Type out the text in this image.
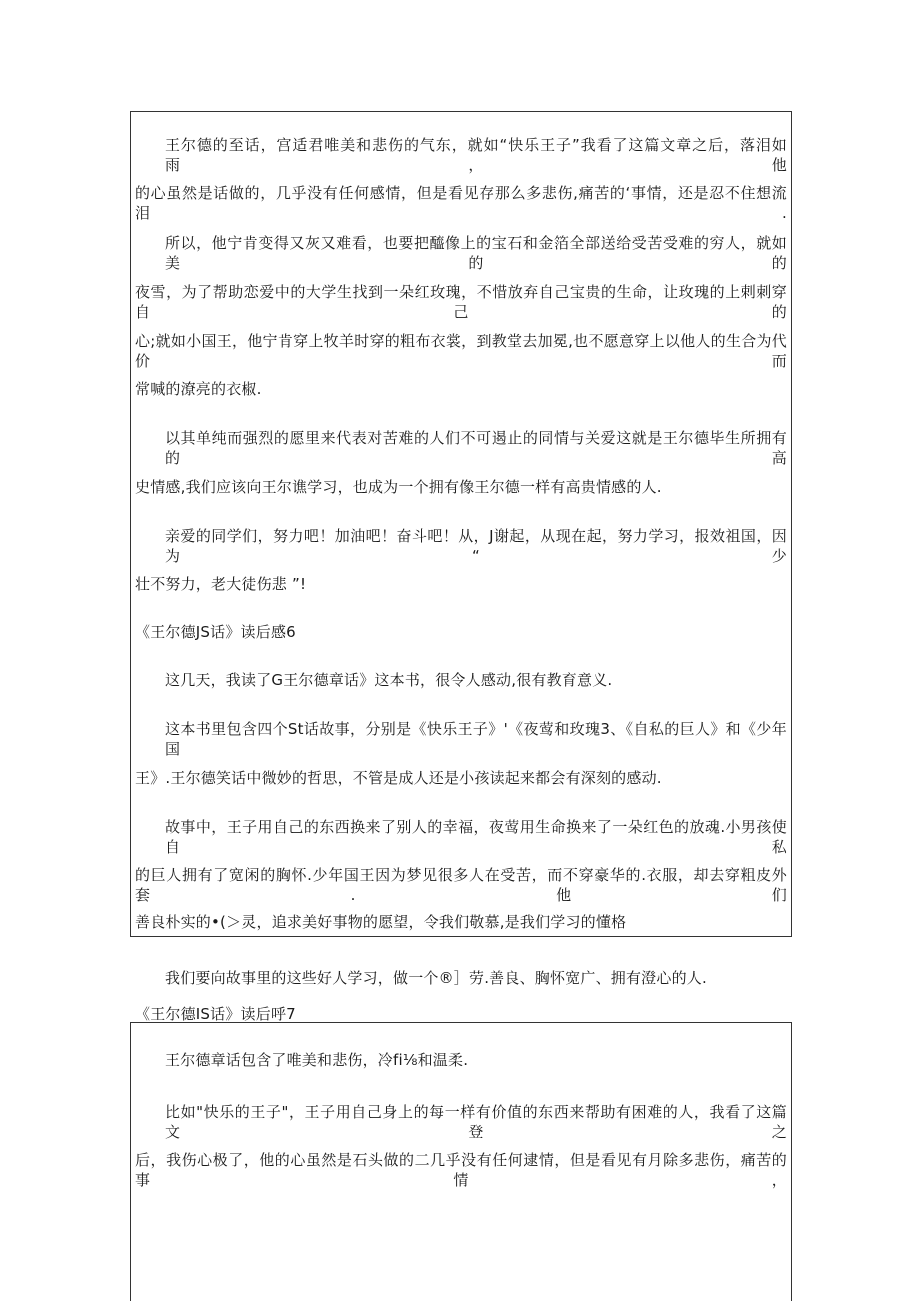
王尔德的至话，宫适君唯美和悲伤的气东，就如“快乐王子”我看了这篇文章之后，落泪如雨，他
的心虽然是话做的，几乎没有任何感情，但是看见存那么多悲伤,痛苦的‘事情，还是忍不住想流泪.
所以，他宁肯变得又灰又难看，也要把醯像上的宝石和金箔全部送给受苦受难的穷人，就如美的的
夜雪，为了帮助恋爱中的大学生找到一朵红玫瑰，不惜放弃自己宝贵的生命，让玫瑰的上剌刺穿自己的
心;就如小国王，他宁肯穿上牧羊时穿的粗布衣裳，到教堂去加冕,也不愿意穿上以他人的生合为代价而
常喊的潦亮的衣椒.
以其单纯而强烈的愿里来代表对苦难的人们不可遏止的同情与关爱这就是王尔德毕生所拥有的高
史情感,我们应该向王尔谯学习，也成为一个拥有像王尔德一样有高贵情感的人.
亲爱的同学们，努力吧！加油吧！奋斗吧！从，J谢起，从现在起，努力学习，报效祖国，因为“少
壮不努力，老大徒伤悲 ”!
《王尔德JS话》读后感6
这几天，我读了G王尔德章话》这本书，很令人感动,很有教育意义.
这本书里包含四个St话故事，分别是《快乐王子》'《夜莺和玫瑰3、《自私的巨人》和《少年国
王》.王尔德笑话中微妙的哲思，不管是成人还是小孩读起来都会有深刻的感动.
故事中，王子用自己的东西换来了别人的幸福，夜莺用生命换来了一朵红色的放魂.小男孩使自私
的巨人拥有了宽闲的胸怀.少年国王因为梦见很多人在受苦，而不穿豪华的.衣服，却去穿粗皮外套.他们
善良朴实的•(＞灵，追求美好事物的愿望，令我们敬慕,是我们学习的懂格
我们要向故事里的这些好人学习，做一个®］劳.善良、胸怀宽广、拥有澄心的人.
《王尔德IS话》读后呼7
王尔德章话包含了唯美和悲伤，冷fi⅛和温柔.
比如"快乐的王子"，王子用自己身上的每一样有价值的东西来帮助有困难的人，我看了这篇文登之
后，我伤心极了，他的心虽然是石头做的二几乎没有任何逮情，但是看见有月除多悲伤，痛苦的事情，
